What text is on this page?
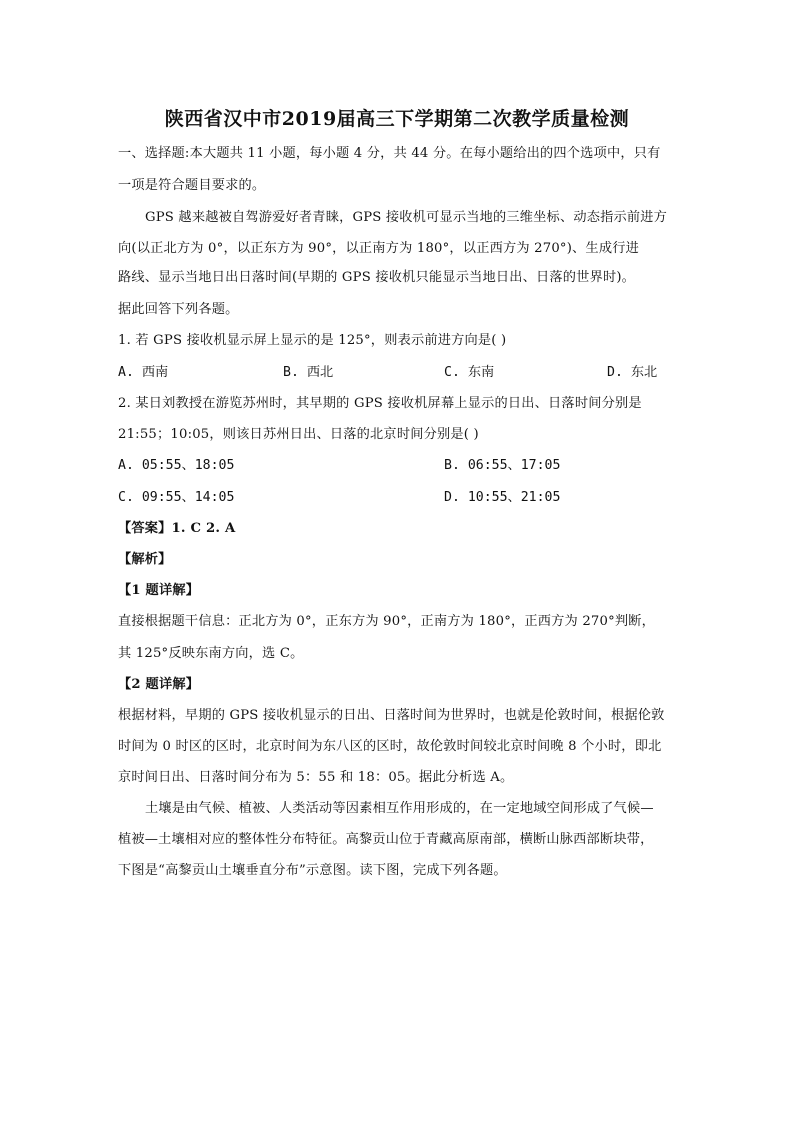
陕西省汉中市2019届高三下学期第二次教学质量检测
一、选择题:本大题共 11 小题，每小题 4 分，共 44 分。在每小题给出的四个选项中，只有
一项是符合题目要求的。
GPS 越来越被自驾游爱好者青睐，GPS 接收机可显示当地的三维坐标、动态指示前进方
向(以正北方为 0°，以正东方为 90°，以正南方为 180°，以正西方为 270°)、生成行进
路线、显示当地日出日落时间(早期的 GPS 接收机只能显示当地日出、日落的世界时)。
据此回答下列各题。
1. 若 GPS 接收机显示屏上显示的是 125°，则表示前进方向是( )
A. 西南	B. 西北	C. 东南	D. 东北
2. 某日刘教授在游览苏州时，其早期的 GPS 接收机屏幕上显示的日出、日落时间分别是
21:55；10:05，则该日苏州日出、日落的北京时间分别是( )
A. 05:55、18:05	B. 06:55、17:05
C. 09:55、14:05	D. 10:55、21:05
【答案】1. C 2. A
【解析】
【1 题详解】
直接根据题干信息：正北方为 0°，正东方为 90°，正南方为 180°，正西方为 270°判断，
其 125°反映东南方向，选 C。
【2 题详解】
根据材料，早期的 GPS 接收机显示的日出、日落时间为世界时，也就是伦敦时间，根据伦敦
时间为 0 时区的区时，北京时间为东八区的区时，故伦敦时间较北京时间晚 8 个小时，即北
京时间日出、日落时间分布为 5：55 和 18：05。据此分析选 A。
土壤是由气候、植被、人类活动等因素相互作用形成的，在一定地域空间形成了气候—
植被—土壤相对应的整体性分布特征。高黎贡山位于青藏高原南部，横断山脉西部断块带，
下图是“高黎贡山土壤垂直分布”示意图。读下图，完成下列各题。
